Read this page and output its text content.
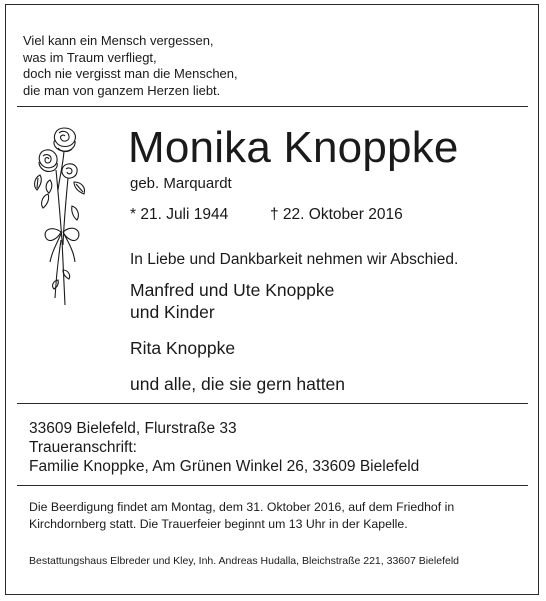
Viel kann ein Mensch vergessen,
was im Traum verfliegt,
doch nie vergisst man die Menschen,
die man von ganzem Herzen liebt.
Monika Knoppke
geb. Marquardt
* 21. Juli 1944	† 22. Oktober 2016
In Liebe und Dankbarkeit nehmen wir Abschied.
Manfred und Ute Knoppke
und Kinder
Rita Knoppke
und alle, die sie gern hatten
33609 Bielefeld, Flurstraße 33
Traueranschrift:
Familie Knoppke, Am Grünen Winkel 26, 33609 Bielefeld
Die Beerdigung findet am Montag, dem 31. Oktober 2016, auf dem Friedhof in
Kirchdornberg statt. Die Trauerfeier beginnt um 13 Uhr in der Kapelle.
Bestattungshaus Elbreder und Kley, Inh. Andreas Hudalla, Bleichstraße 221, 33607 Bielefeld
